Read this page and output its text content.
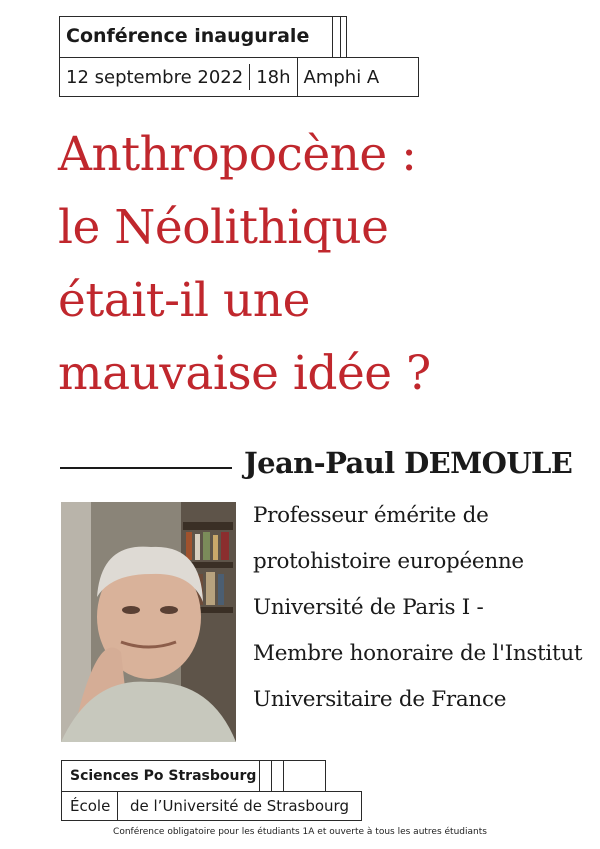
Conférence inaugurale
12 septembre 2022 18h Amphi A
Anthropocène :
le Néolithique
était-il une
mauvaise idée ?
Jean-Paul DEMOULE
Professeur émérite de
protohistoire européenne
Université de Paris I -
Membre honoraire de l'Institut
Universitaire de France
Sciences Po Strasbourg
École	de l’Université de Strasbourg
Conférence obligatoire pour les étudiants 1A et ouverte à tous les autres étudiants
